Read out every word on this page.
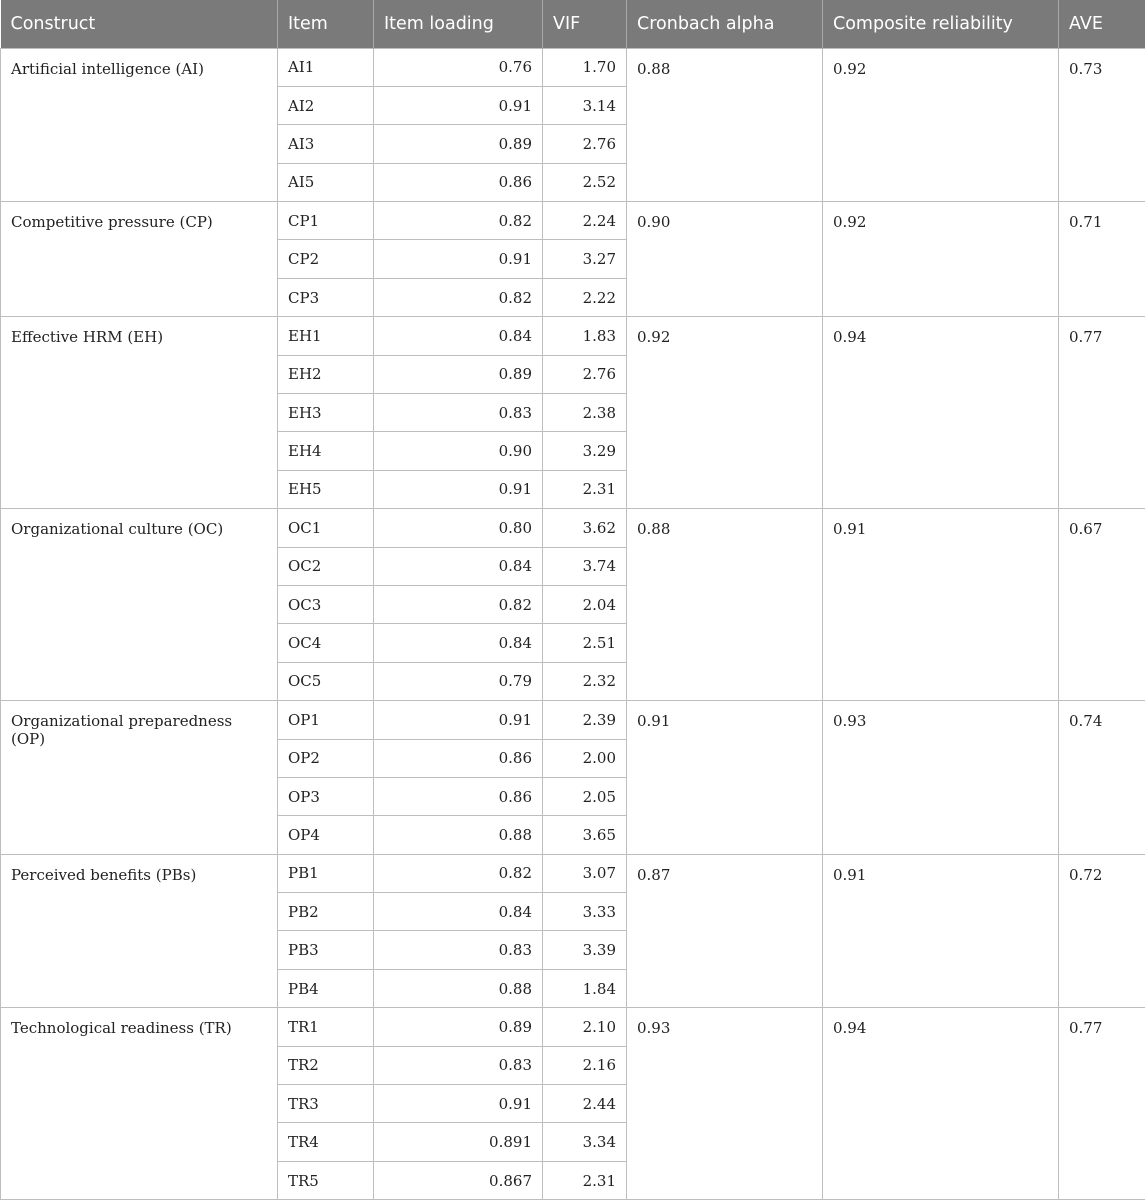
Construct	Item	Item loading	VIF	Cronbach alpha	Composite reliability	AVE
Artificial intelligence (AI)	AI1	0.76	1.70	0.88	0.92	0.73
	AI2	0.91	3.14			
	AI3	0.89	2.76			
	AI5	0.86	2.52			
Competitive pressure (CP)	CP1	0.82	2.24	0.90	0.92	0.71
	CP2	0.91	3.27			
	CP3	0.82	2.22			
Effective HRM (EH)	EH1	0.84	1.83	0.92	0.94	0.77
	EH2	0.89	2.76			
	EH3	0.83	2.38			
	EH4	0.90	3.29			
	EH5	0.91	2.31			
Organizational culture (OC)	OC1	0.80	3.62	0.88	0.91	0.67
	OC2	0.84	3.74			
	OC3	0.82	2.04			
	OC4	0.84	2.51			
	OC5	0.79	2.32			
Organizational preparedness (OP)	OP1	0.91	2.39	0.91	0.93	0.74
	OP2	0.86	2.00			
	OP3	0.86	2.05			
	OP4	0.88	3.65			
Perceived benefits (PBs)	PB1	0.82	3.07	0.87	0.91	0.72
	PB2	0.84	3.33			
	PB3	0.83	3.39			
	PB4	0.88	1.84			
Technological readiness (TR)	TR1	0.89	2.10	0.93	0.94	0.77
	TR2	0.83	2.16			
	TR3	0.91	2.44			
	TR4	0.891	3.34			
	TR5	0.867	2.31			
